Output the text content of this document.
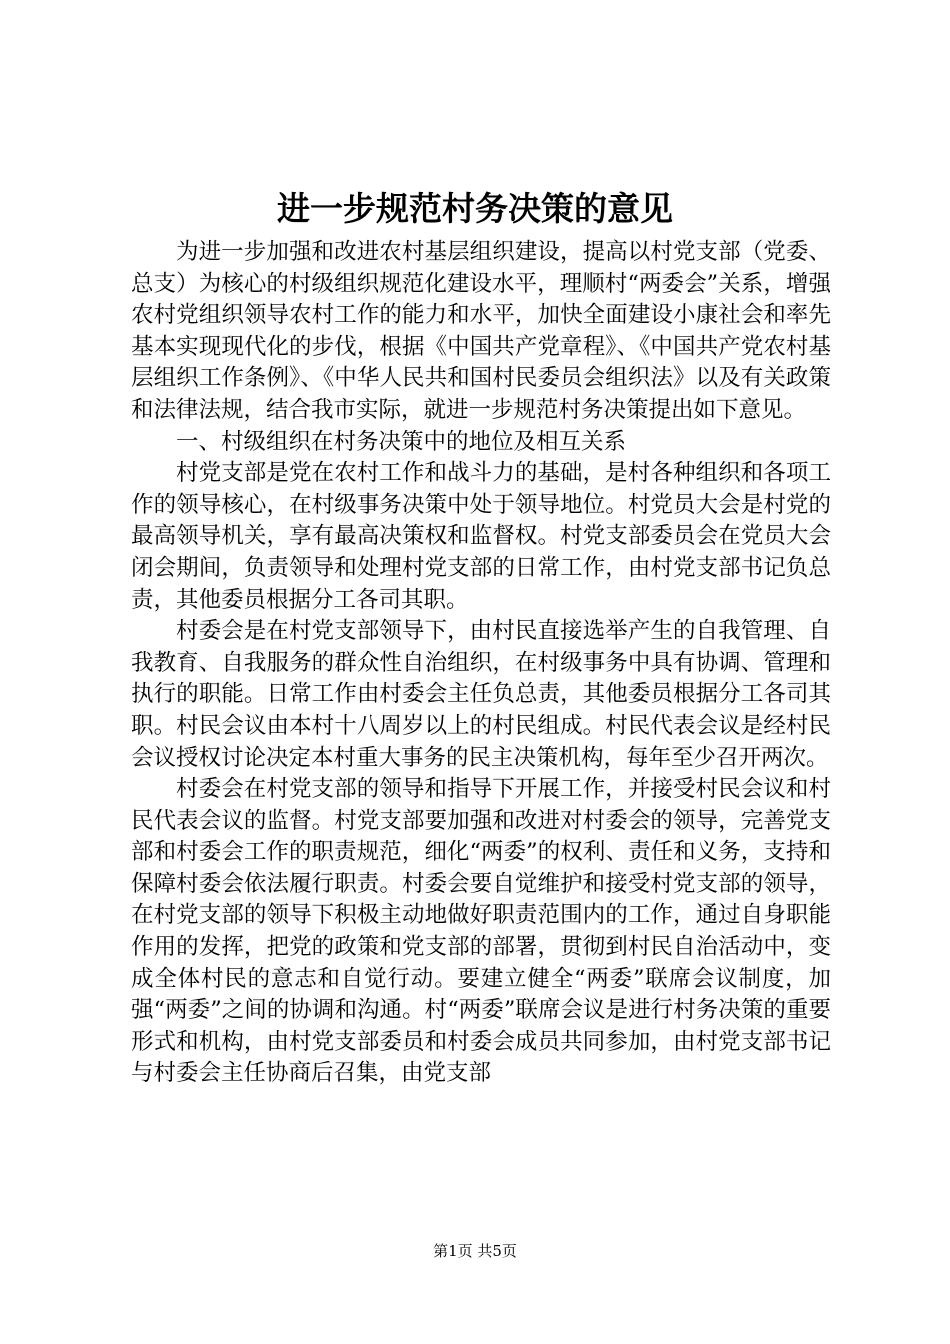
进一步规范村务决策的意见

为进一步加强和改进农村基层组织建设，提高以村党支部（党委、总支）为核心的村级组织规范化建设水平，理顺村“两委会”关系，增强农村党组织领导农村工作的能力和水平，加快全面建设小康社会和率先基本实现现代化的步伐，根据《中国共产党章程》、《中国共产党农村基层组织工作条例》、《中华人民共和国村民委员会组织法》以及有关政策和法律法规，结合我市实际，就进一步规范村务决策提出如下意见。

一、村级组织在村务决策中的地位及相互关系

村党支部是党在农村工作和战斗力的基础，是村各种组织和各项工作的领导核心，在村级事务决策中处于领导地位。村党员大会是村党的最高领导机关，享有最高决策权和监督权。村党支部委员会在党员大会闭会期间，负责领导和处理村党支部的日常工作，由村党支部书记负总责，其他委员根据分工各司其职。

村委会是在村党支部领导下，由村民直接选举产生的自我管理、自我教育、自我服务的群众性自治组织，在村级事务中具有协调、管理和执行的职能。日常工作由村委会主任负总责，其他委员根据分工各司其职。村民会议由本村十八周岁以上的村民组成。村民代表会议是经村民会议授权讨论决定本村重大事务的民主决策机构，每年至少召开两次。

村委会在村党支部的领导和指导下开展工作，并接受村民会议和村民代表会议的监督。村党支部要加强和改进对村委会的领导，完善党支部和村委会工作的职责规范，细化“两委”的权利、责任和义务，支持和保障村委会依法履行职责。村委会要自觉维护和接受村党支部的领导，在村党支部的领导下积极主动地做好职责范围内的工作，通过自身职能作用的发挥，把党的政策和党支部的部署，贯彻到村民自治活动中，变成全体村民的意志和自觉行动。要建立健全“两委”联席会议制度，加强“两委”之间的协调和沟通。村“两委”联席会议是进行村务决策的重要形式和机构，由村党支部委员和村委会成员共同参加，由村党支部书记与村委会主任协商后召集，由党支部

第1页 共5页
